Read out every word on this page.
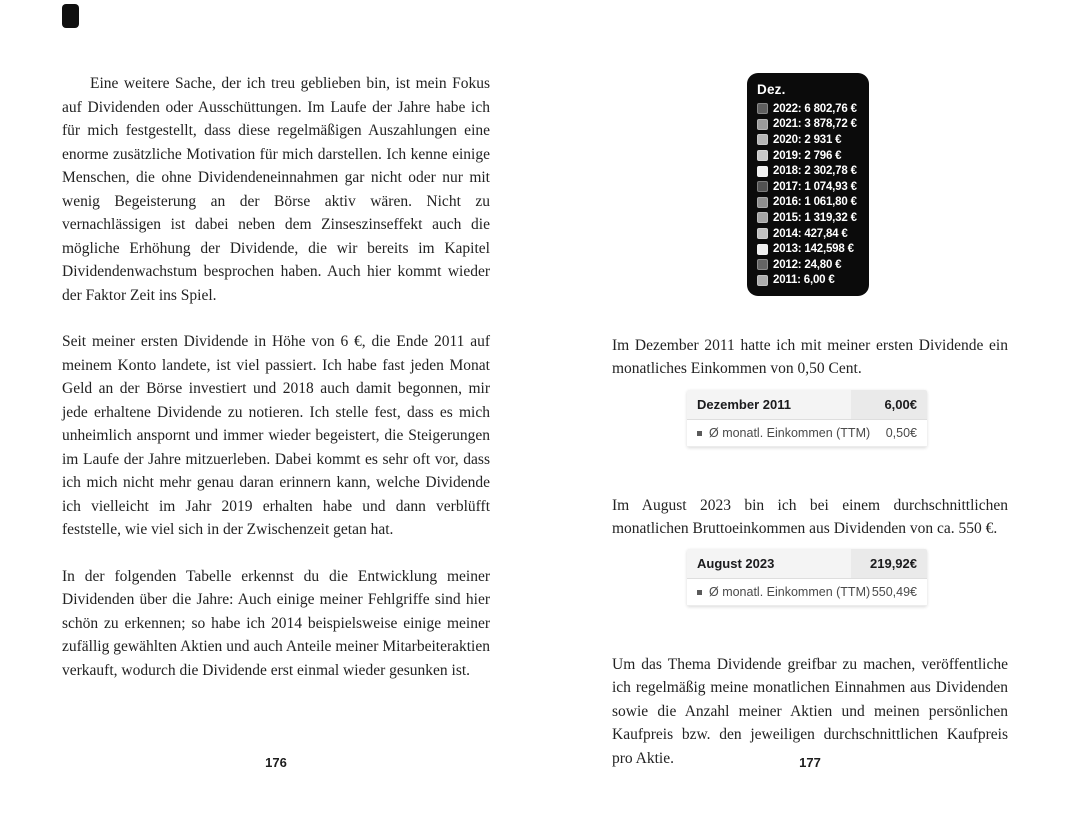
Eine weitere Sache, der ich treu geblieben bin, ist mein Fokus auf Dividenden oder Ausschüttungen. Im Laufe der Jahre habe ich für mich festgestellt, dass diese regelmäßigen Auszahlungen eine enorme zusätzliche Motivation für mich darstellen. Ich kenne einige Menschen, die ohne Dividendeneinnahmen gar nicht oder nur mit wenig Begeisterung an der Börse aktiv wären. Nicht zu vernachlässigen ist dabei neben dem Zinseszinseffekt auch die mögliche Erhöhung der Dividende, die wir bereits im Kapitel Dividendenwachstum besprochen haben. Auch hier kommt wieder der Faktor Zeit ins Spiel.

Seit meiner ersten Dividende in Höhe von 6 €, die Ende 2011 auf meinem Konto landete, ist viel passiert. Ich habe fast jeden Monat Geld an der Börse investiert und 2018 auch damit begonnen, mir jede erhaltene Dividende zu notieren. Ich stelle fest, dass es mich unheimlich anspornt und immer wieder begeistert, die Steigerungen im Laufe der Jahre mitzuerleben. Dabei kommt es sehr oft vor, dass ich mich nicht mehr genau daran erinnern kann, welche Dividende ich vielleicht im Jahr 2019 erhalten habe und dann verblüfft feststelle, wie viel sich in der Zwischenzeit getan hat.

In der folgenden Tabelle erkennst du die Entwicklung meiner Dividenden über die Jahre: Auch einige meiner Fehlgriffe sind hier schön zu erkennen; so habe ich 2014 beispielsweise einige meiner zufällig gewählten Aktien und auch Anteile meiner Mitarbeiteraktien verkauft, wodurch die Dividende erst einmal wieder gesunken ist.

176
Dez.
2022: 6 802,76 €
2021: 3 878,72 €
2020: 2 931 €
2019: 2 796 €
2018: 2 302,78 €
2017: 1 074,93 €
2016: 1 061,80 €
2015: 1 319,32 €
2014: 427,84 €
2013: 142,598 €
2012: 24,80 €
2011: 6,00 €

Im Dezember 2011 hatte ich mit meiner ersten Dividende ein monatliches Einkommen von 0,50 Cent.

Dezember 2011	6,00€
Ø monatl. Einkommen (TTM)	0,50€

Im August 2023 bin ich bei einem durchschnittlichen monatlichen Bruttoeinkommen aus Dividenden von ca. 550 €.

August 2023	219,92€
Ø monatl. Einkommen (TTM) 550,49€

Um das Thema Dividende greifbar zu machen, veröffentliche ich regelmäßig meine monatlichen Einnahmen aus Dividenden sowie die Anzahl meiner Aktien und meinen persönlichen Kaufpreis bzw. den jeweiligen durchschnittlichen Kaufpreis pro Aktie.	177
